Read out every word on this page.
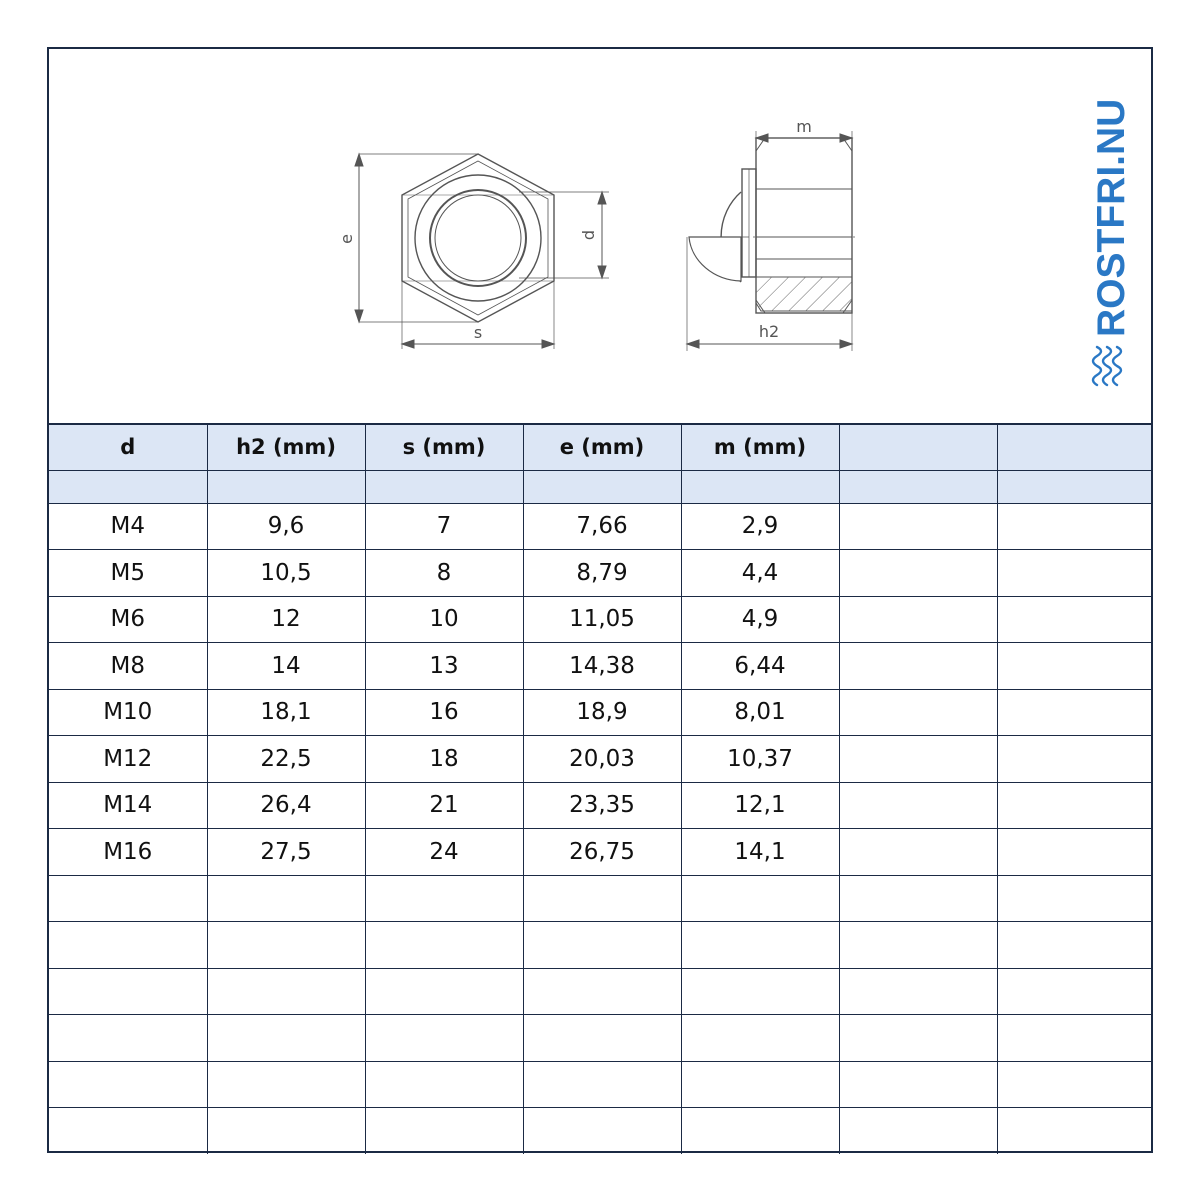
e
s
d
m
h2	ROSTFRI.NU
d	h2 (mm)	s (mm)	e (mm)	m (mm)		

M4	9,6	7	7,66	2,9		
M5	10,5	8	8,79	4,4		
M6	12	10	11,05	4,9		
M8	14	13	14,38	6,44		
M10	18,1	16	18,9	8,01		
M12	22,5	18	20,03	10,37		
M14	26,4	21	23,35	12,1		
M16	27,5	24	26,75	14,1		
